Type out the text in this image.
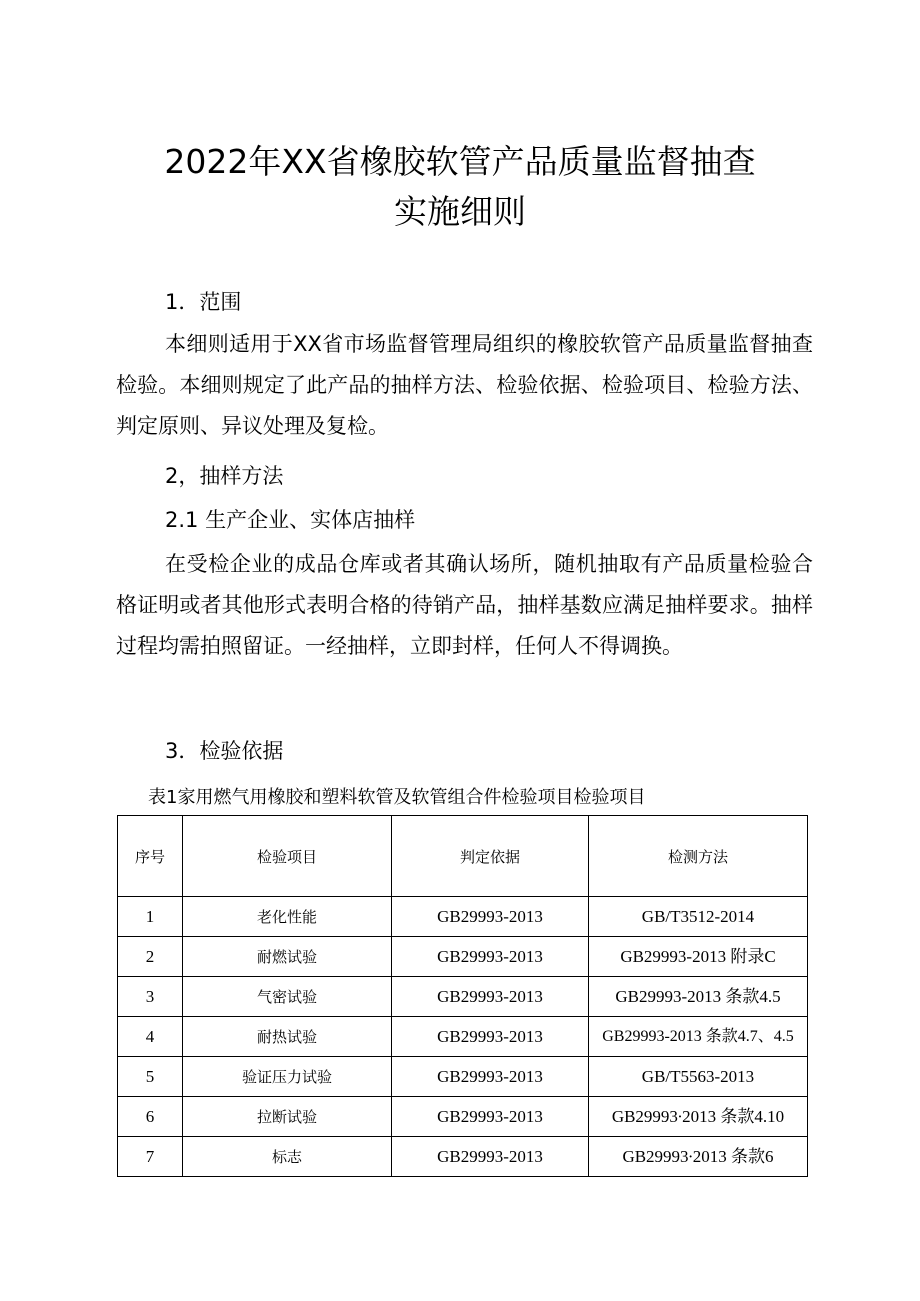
2022年XX省橡胶软管产品质量监督抽查
实施细则

1．范围

本细则适用于XX省市场监督管理局组织的橡胶软管产品质量监督抽查检验。本细则规定了此产品的抽样方法、检验依据、检验项目、检验方法、判定原则、异议处理及复检。

2，抽样方法

2.1 生产企业、实体店抽样

在受检企业的成品仓库或者其确认场所，随机抽取有产品质量检验合格证明或者其他形式表明合格的待销产品，抽样基数应满足抽样要求。抽样过程均需拍照留证。一经抽样，立即封样，任何人不得调换。

3．检验依据

表1家用燃气用橡胶和塑料软管及软管组合件检验项目检验项目

序号	检验项目	判定依据	检测方法
1	老化性能	GB29993-2013	GB/T3512-2014
2	耐燃试验	GB29993-2013	GB29993-2013 附录C
3	气密试验	GB29993-2013	GB29993-2013 条款4.5
4	耐热试验	GB29993-2013	GB29993-2013 条款4.7、4.5
5	验证压力试验	GB29993-2013	GB/T5563-2013
6	拉断试验	GB29993-2013	GB29993∙2013 条款4.10
7	标志	GB29993-2013	GB29993∙2013 条款6
